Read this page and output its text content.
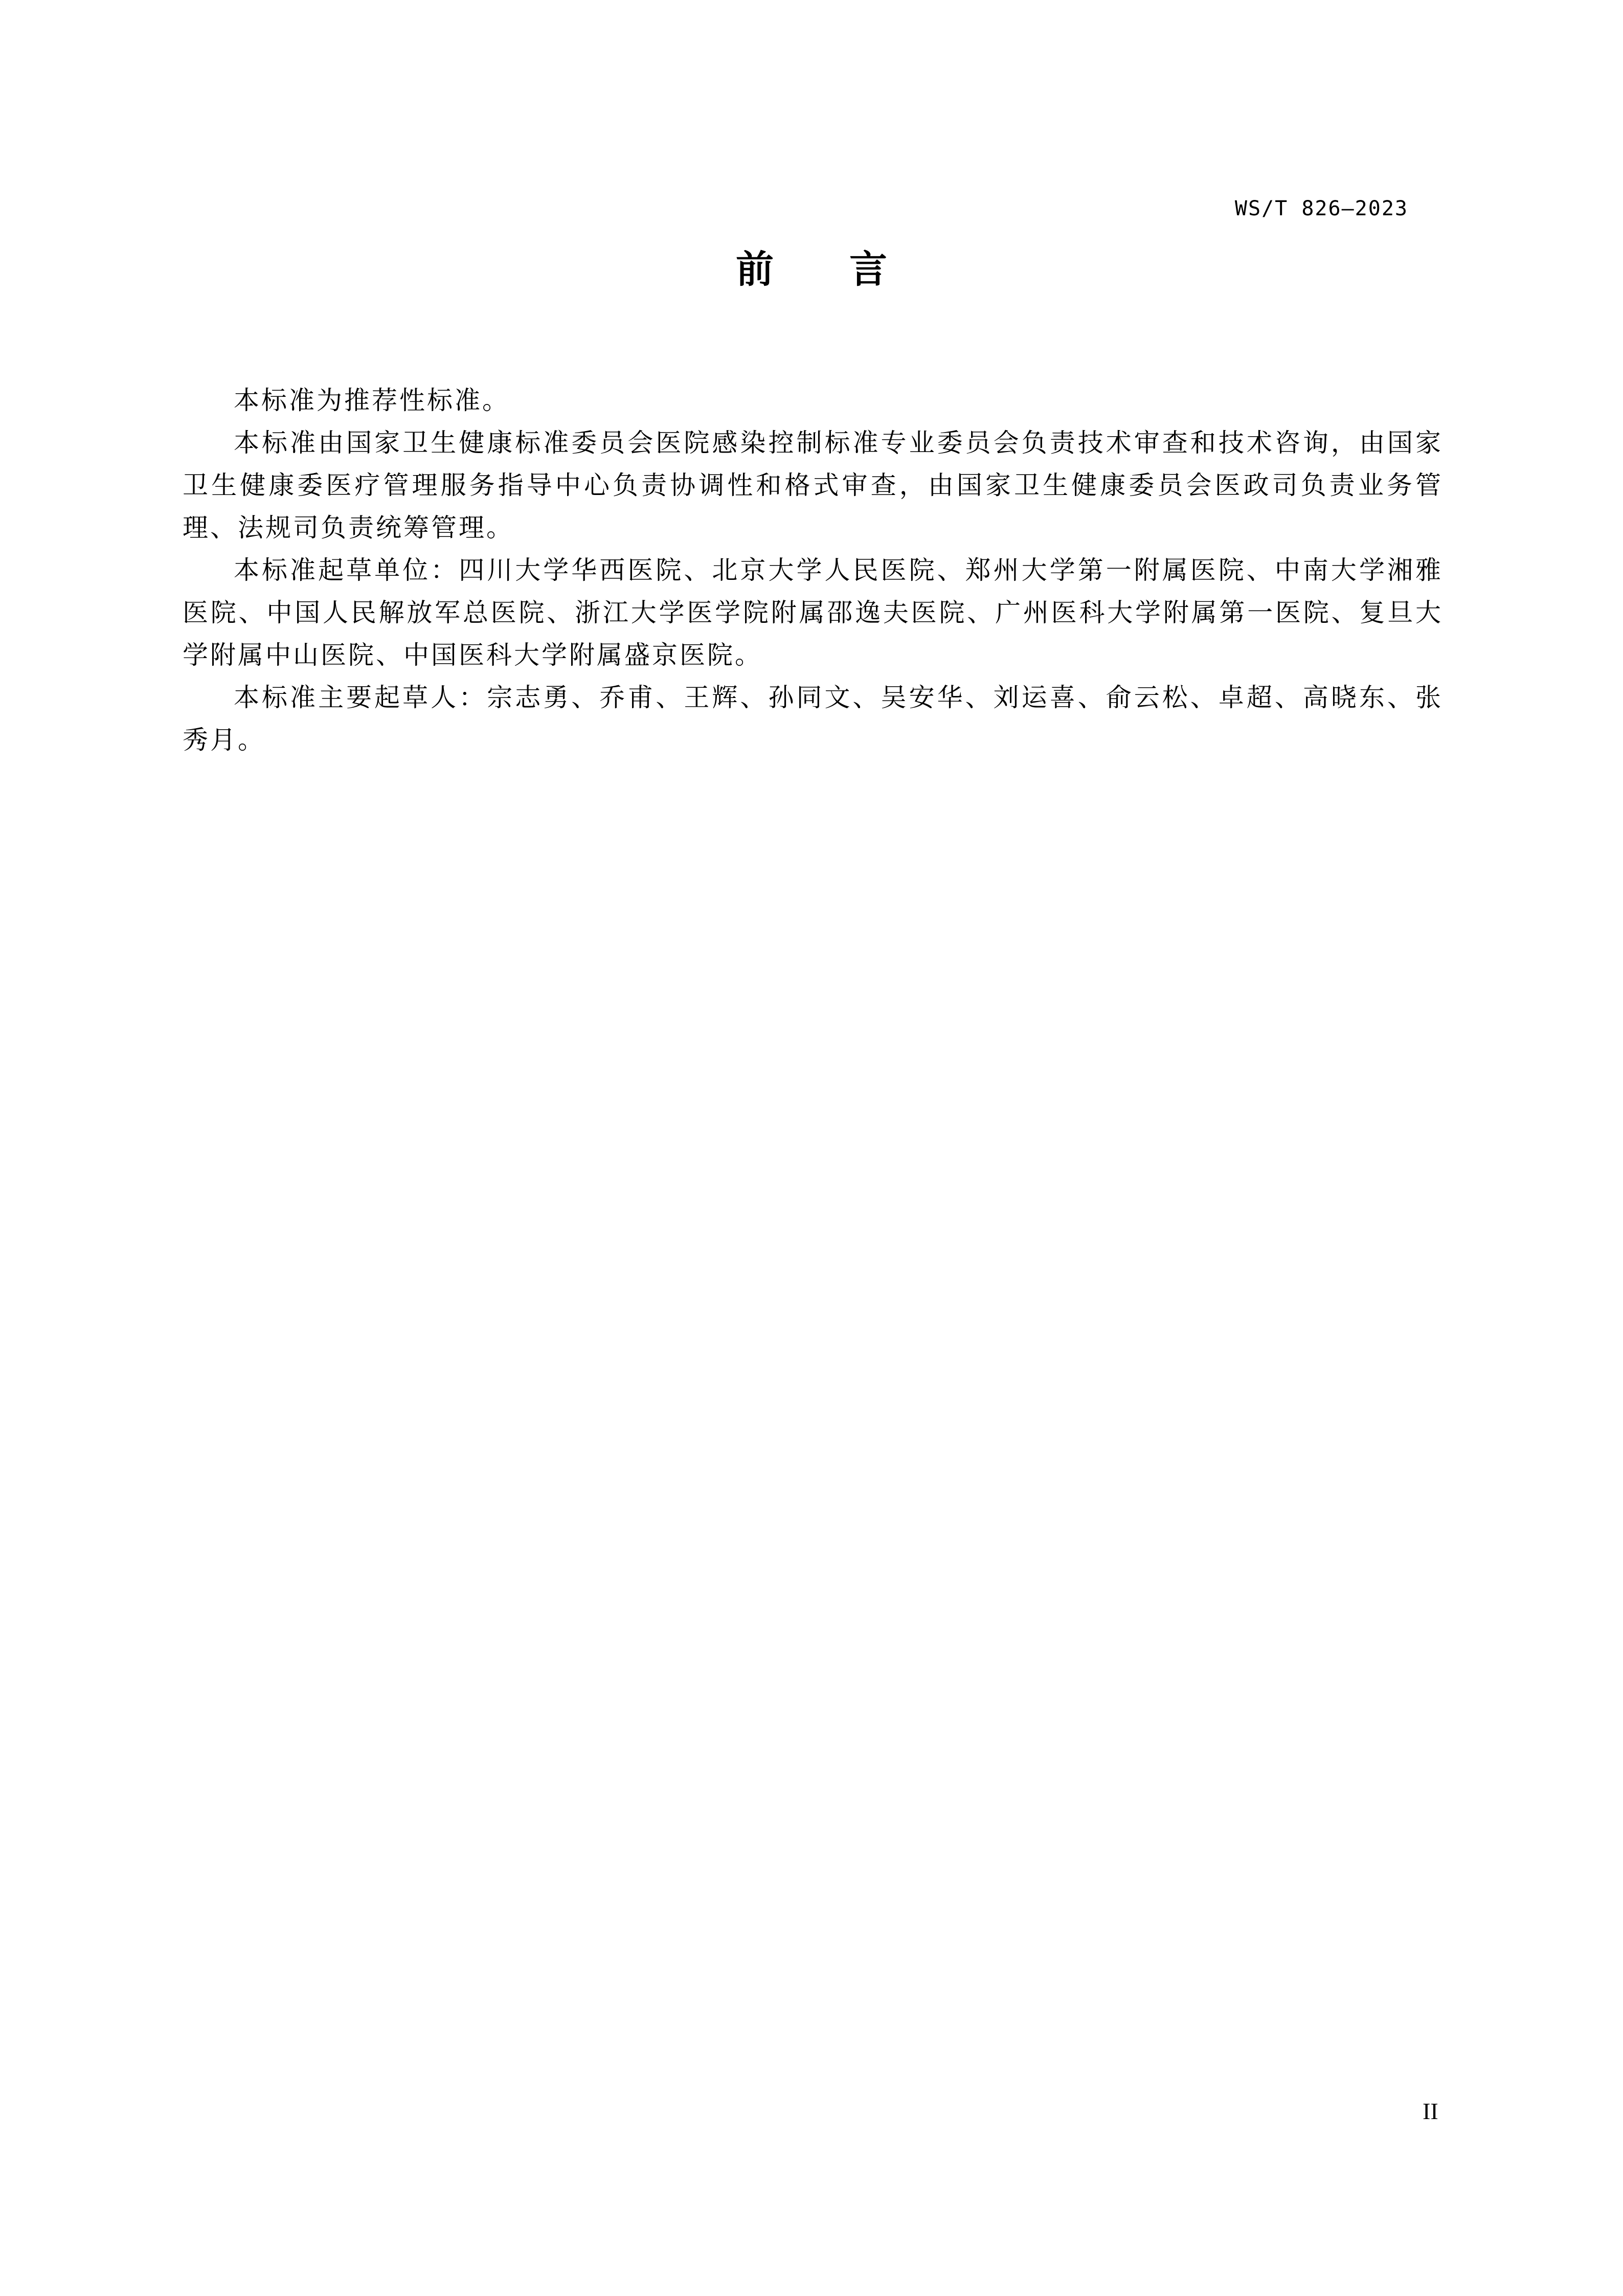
WS/T 826—2023
前　　言

本标准为推荐性标准。

本标准由国家卫生健康标准委员会医院感染控制标准专业委员会负责技术审查和技术咨询，由国家卫生健康委医疗管理服务指导中心负责协调性和格式审查，由国家卫生健康委员会医政司负责业务管理、法规司负责统筹管理。

本标准起草单位：四川大学华西医院、北京大学人民医院、郑州大学第一附属医院、中南大学湘雅医院、中国人民解放军总医院、浙江大学医学院附属邵逸夫医院、广州医科大学附属第一医院、复旦大学附属中山医院、中国医科大学附属盛京医院。

本标准主要起草人：宗志勇、乔甫、王辉、孙同文、吴安华、刘运喜、俞云松、卓超、高晓东、张秀月。

II
